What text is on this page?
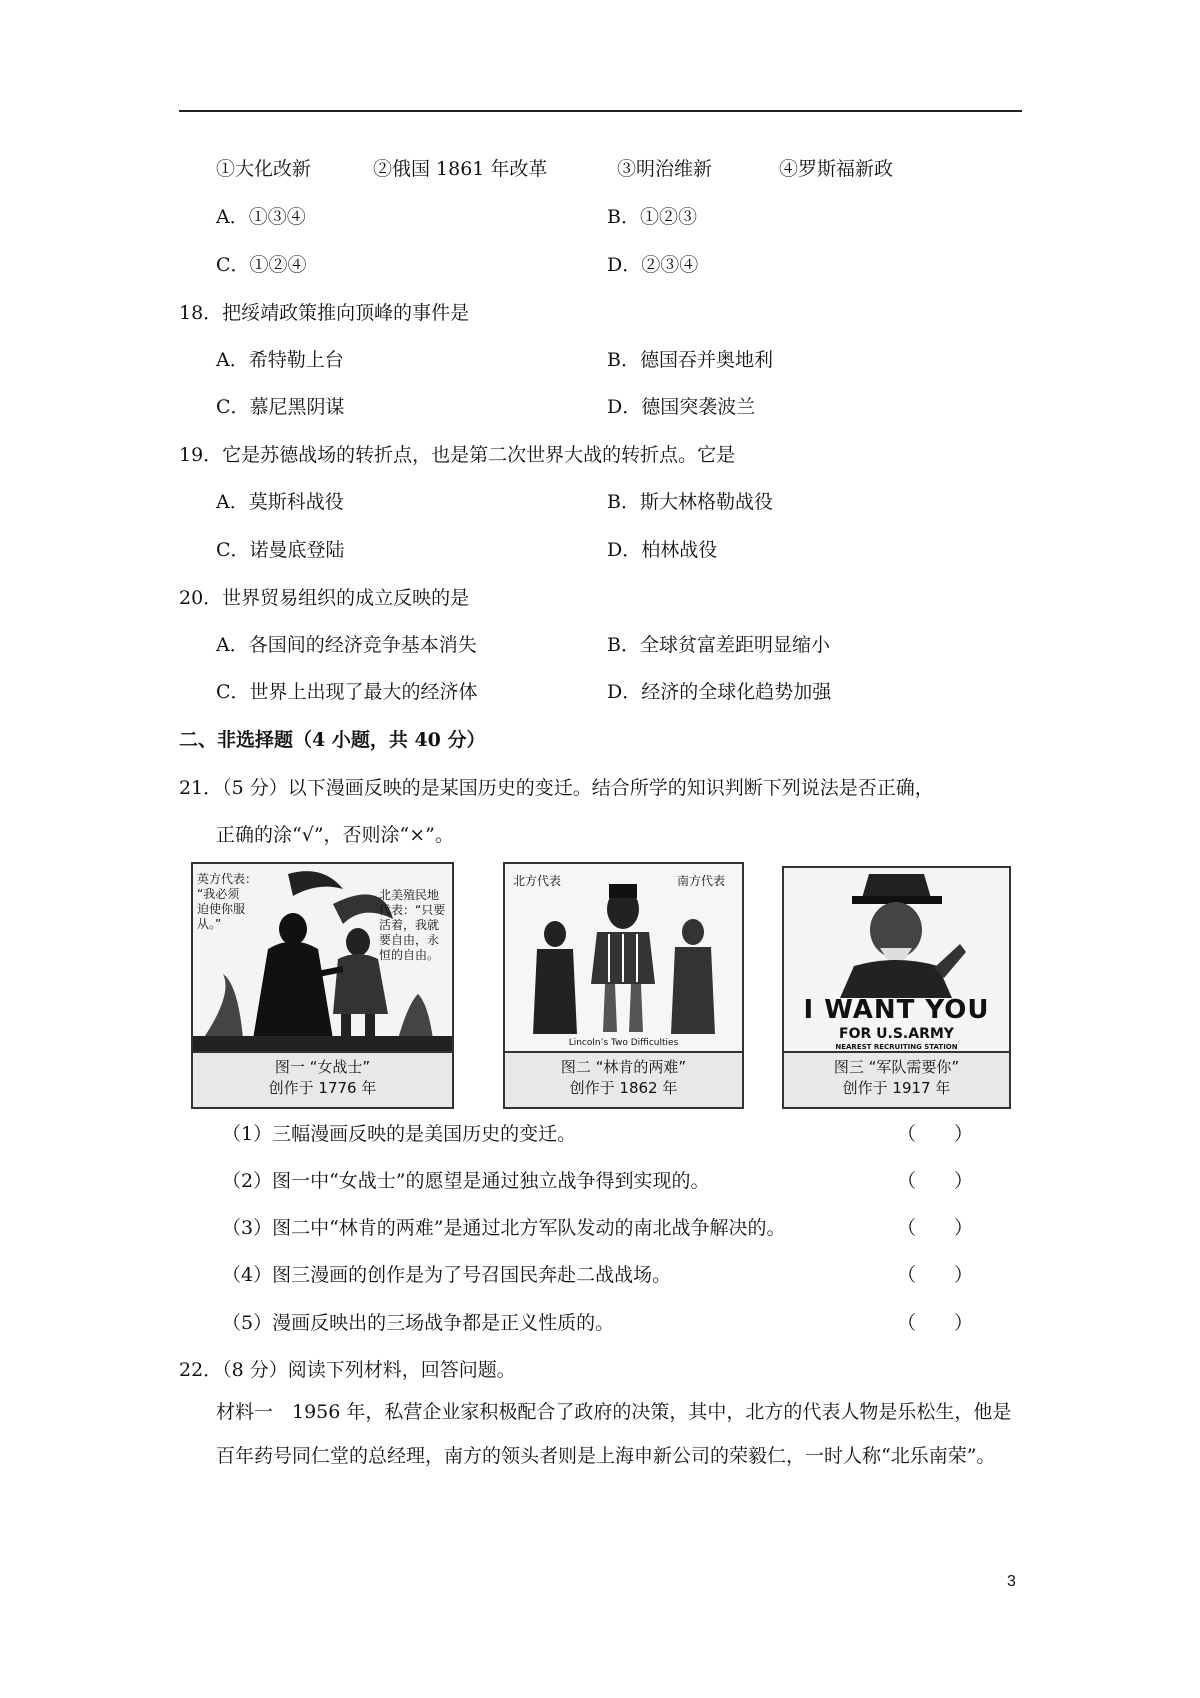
①大化改新	②俄国 1861 年改革	③明治维新	④罗斯福新政
A．①③④	B．①②③
C．①②④	D．②③④
18．把绥靖政策推向顶峰的事件是
A．希特勒上台	B．德国吞并奥地利
C．慕尼黑阴谋	D．德国突袭波兰
19．它是苏德战场的转折点，也是第二次世界大战的转折点。它是
A．莫斯科战役	B．斯大林格勒战役
C．诺曼底登陆	D．柏林战役
20．世界贸易组织的成立反映的是
A．各国间的经济竞争基本消失	B．全球贫富差距明显缩小
C．世界上出现了最大的经济体	D．经济的全球化趋势加强
二、非选择题（4 小题，共 40 分）
21．（5 分）以下漫画反映的是某国历史的变迁。结合所学的知识判断下列说法是否正确，
正确的涂“√”，否则涂“×”。
英方代表：
“我必须
迫使你服
从。”
北美殖民地
代表：“只要
活着，我就
要自由，永
恒的自由。
图一 “女战士”
创作于 1776 年
北方代表	南方代表
Lincoln’s Two Difficulties
图二 “林肯的两难”
创作于 1862 年
I WANT YOU
FOR U.S.ARMY
NEAREST RECRUITING STATION
图三 “军队需要你”
创作于 1917 年
（1）三幅漫画反映的是美国历史的变迁。	（　　）
（2）图一中“女战士”的愿望是通过独立战争得到实现的。	（　　）
（3）图二中“林肯的两难”是通过北方军队发动的南北战争解决的。	（　　）
（4）图三漫画的创作是为了号召国民奔赴二战战场。	（　　）
（5）漫画反映出的三场战争都是正义性质的。	（　　）
22．（8 分）阅读下列材料，回答问题。
材料一　1956 年，私营企业家积极配合了政府的决策，其中，北方的代表人物是乐松生，他是百年药号同仁堂的总经理，南方的领头者则是上海申新公司的荣毅仁，一时人称“北乐南荣”。
3
